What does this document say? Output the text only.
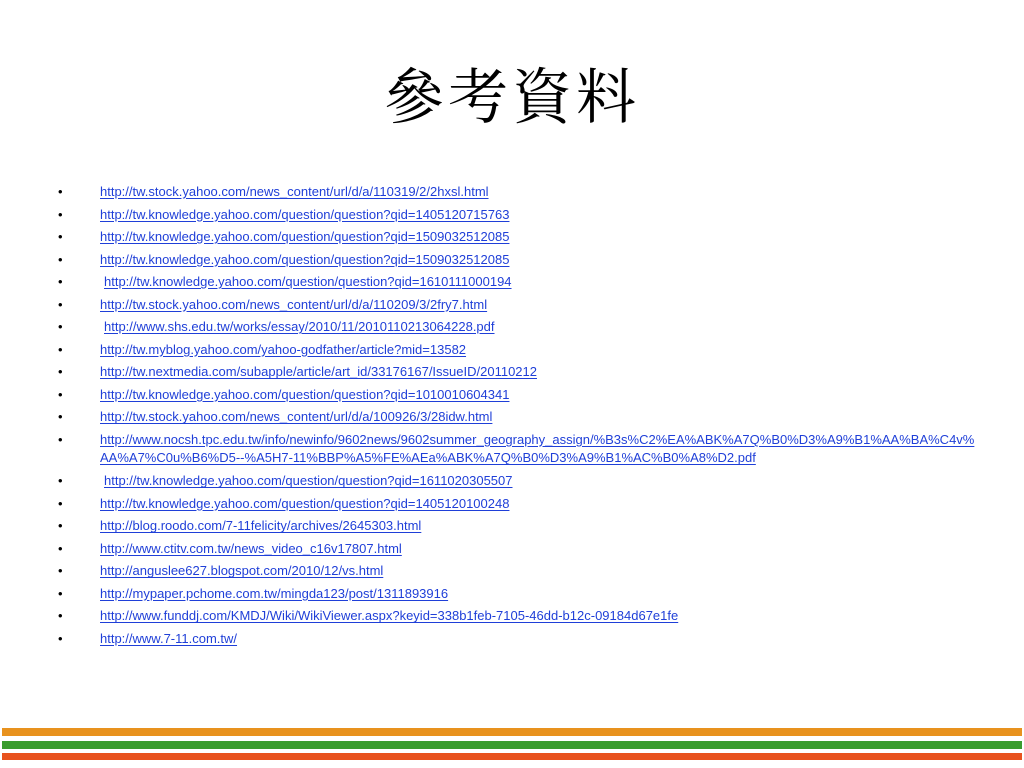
參考資料
•	http://tw.stock.yahoo.com/news_content/url/d/a/110319/2/2hxsl.html
•	http://tw.knowledge.yahoo.com/question/question?qid=1405120715763
•	http://tw.knowledge.yahoo.com/question/question?qid=1509032512085
•	http://tw.knowledge.yahoo.com/question/question?qid=1509032512085
•	http://tw.knowledge.yahoo.com/question/question?qid=1610111000194
•	http://tw.stock.yahoo.com/news_content/url/d/a/110209/3/2fry7.html
•	http://www.shs.edu.tw/works/essay/2010/11/2010110213064228.pdf
•	http://tw.myblog.yahoo.com/yahoo-godfather/article?mid=13582
•	http://tw.nextmedia.com/subapple/article/art_id/33176167/IssueID/20110212
•	http://tw.knowledge.yahoo.com/question/question?qid=1010010604341
•	http://tw.stock.yahoo.com/news_content/url/d/a/100926/3/28idw.html
•	http://www.nocsh.tpc.edu.tw/info/newinfo/9602news/9602summer_geography_assign/%B3s%C2%EA%ABK%A7Q%B0%D3%A9%B1%AA%BA%C4v%AA%A7%C0u%B6%D5--%A5H7-11%BBP%A5%FE%AEa%ABK%A7Q%B0%D3%A9%B1%AC%B0%A8%D2.pdf
•	http://tw.knowledge.yahoo.com/question/question?qid=1611020305507
•	http://tw.knowledge.yahoo.com/question/question?qid=1405120100248
•	http://blog.roodo.com/7-11felicity/archives/2645303.html
•	http://www.ctitv.com.tw/news_video_c16v17807.html
•	http://anguslee627.blogspot.com/2010/12/vs.html
•	http://mypaper.pchome.com.tw/mingda123/post/1311893916
•	http://www.funddj.com/KMDJ/Wiki/WikiViewer.aspx?keyid=338b1feb-7105-46dd-b12c-09184d67e1fe
•	http://www.7-11.com.tw/
